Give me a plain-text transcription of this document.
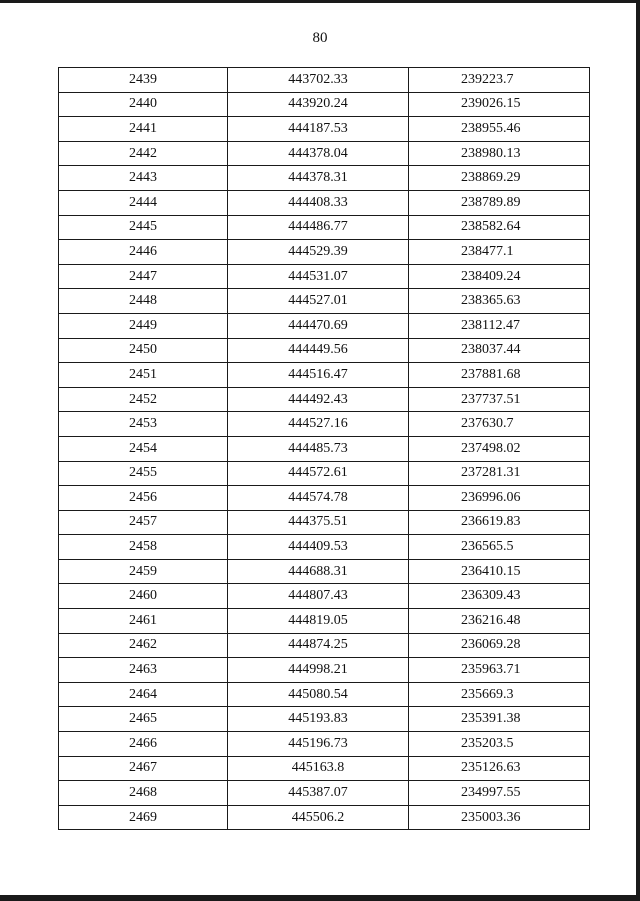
80
2439	443702.33	239223.7
2440	443920.24	239026.15
2441	444187.53	238955.46
2442	444378.04	238980.13
2443	444378.31	238869.29
2444	444408.33	238789.89
2445	444486.77	238582.64
2446	444529.39	238477.1
2447	444531.07	238409.24
2448	444527.01	238365.63
2449	444470.69	238112.47
2450	444449.56	238037.44
2451	444516.47	237881.68
2452	444492.43	237737.51
2453	444527.16	237630.7
2454	444485.73	237498.02
2455	444572.61	237281.31
2456	444574.78	236996.06
2457	444375.51	236619.83
2458	444409.53	236565.5
2459	444688.31	236410.15
2460	444807.43	236309.43
2461	444819.05	236216.48
2462	444874.25	236069.28
2463	444998.21	235963.71
2464	445080.54	235669.3
2465	445193.83	235391.38
2466	445196.73	235203.5
2467	445163.8	235126.63
2468	445387.07	234997.55
2469	445506.2	235003.36
